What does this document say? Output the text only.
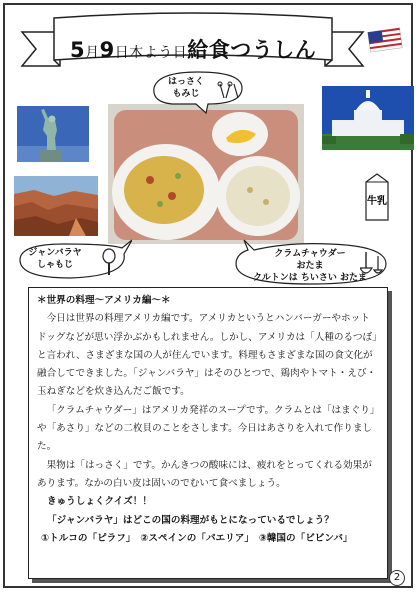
5月9日木よう日給食つうしん
はっさく
もみじ
ジャンバラヤ
しゃもじ
クラムチャウダー
おたま
クルトンは ちいさい おたま
牛乳

＊世界の料理～アメリカ編～＊

今日は世界の料理アメリカ編です。アメリカというとハンバーガーやホットドッグなどが思い浮かぶかもしれません。しかし、アメリカは「人種のるつぼ」と言われ、さまざまな国の人が住んでいます。料理もさまざまな国の食文化が融合してできました。「ジャンバラヤ」はそのひとつで、鶏肉やトマト・えび・玉ねぎなどを炊き込んだご飯です。

「クラムチャウダー」はアメリカ発祥のスープです。クラムとは「はまぐり」や「あさり」などの二枚貝のことをさします。今日はあさりを入れて作りました。

果物は「はっさく」です。かんきつの酸味には、疲れをとってくれる効果があります。なかの白い皮は固いのでむいて食べましょう。

きゅうしょくクイズ！！

「ジャンバラヤ」はどこの国の料理がもとになっているでしょう？

①トルコの「ピラフ」　②スペインの「パエリア」　③韓国の「ビビンバ」

2
